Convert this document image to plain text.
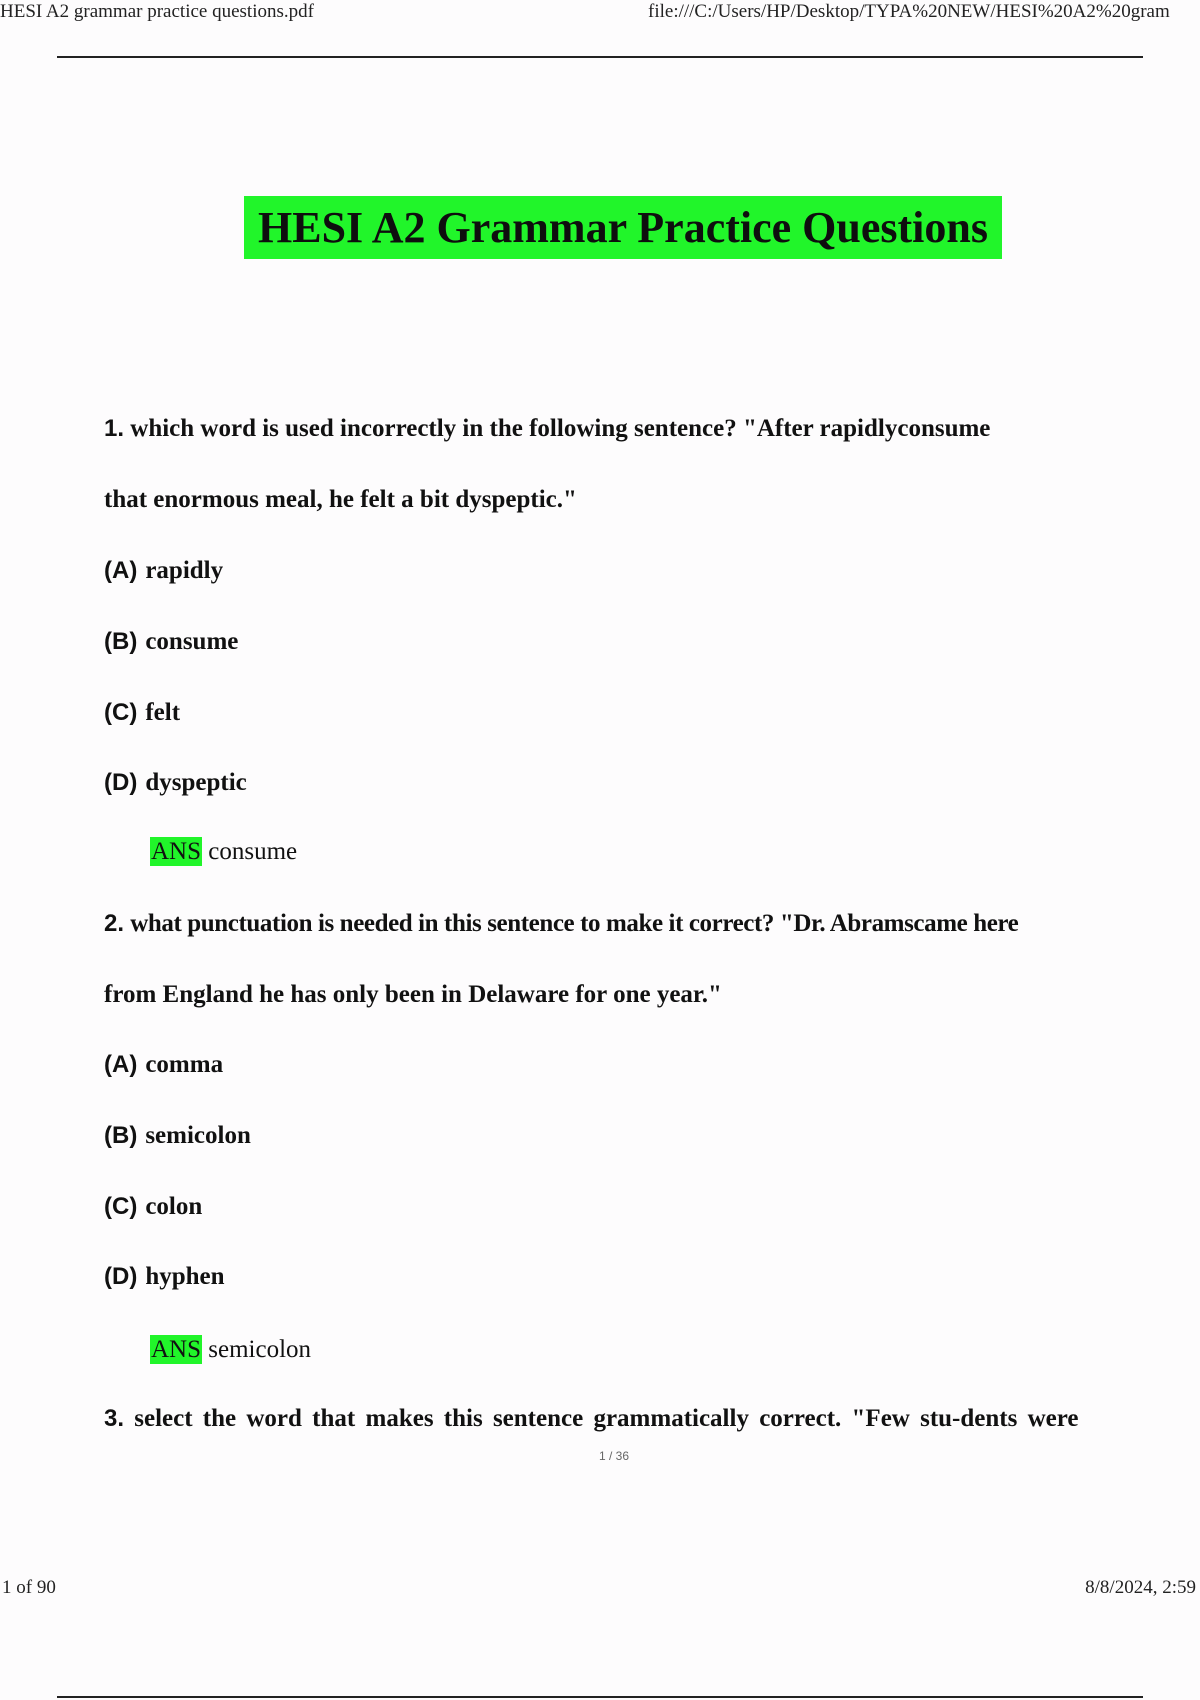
HESI A2 grammar practice questions.pdf	file:///C:/Users/HP/Desktop/TYPA%20NEW/HESI%20A2%20gram
HESI A2 Grammar Practice Questions
1. which word is used incorrectly in the following sentence? "After rapidlyconsume
that enormous meal, he felt a bit dyspeptic."
(A) rapidly
(B) consume
(C) felt
(D) dyspeptic
ANS consume
2. what punctuation is needed in this sentence to make it correct? "Dr. Abramscame here
from England he has only been in Delaware for one year."
(A) comma
(B) semicolon
(C) colon
(D) hyphen
ANS semicolon
3. select the word that makes this sentence grammatically correct. "Few stu-dents were
1 / 36
1 of 90	8/8/2024, 2:59
